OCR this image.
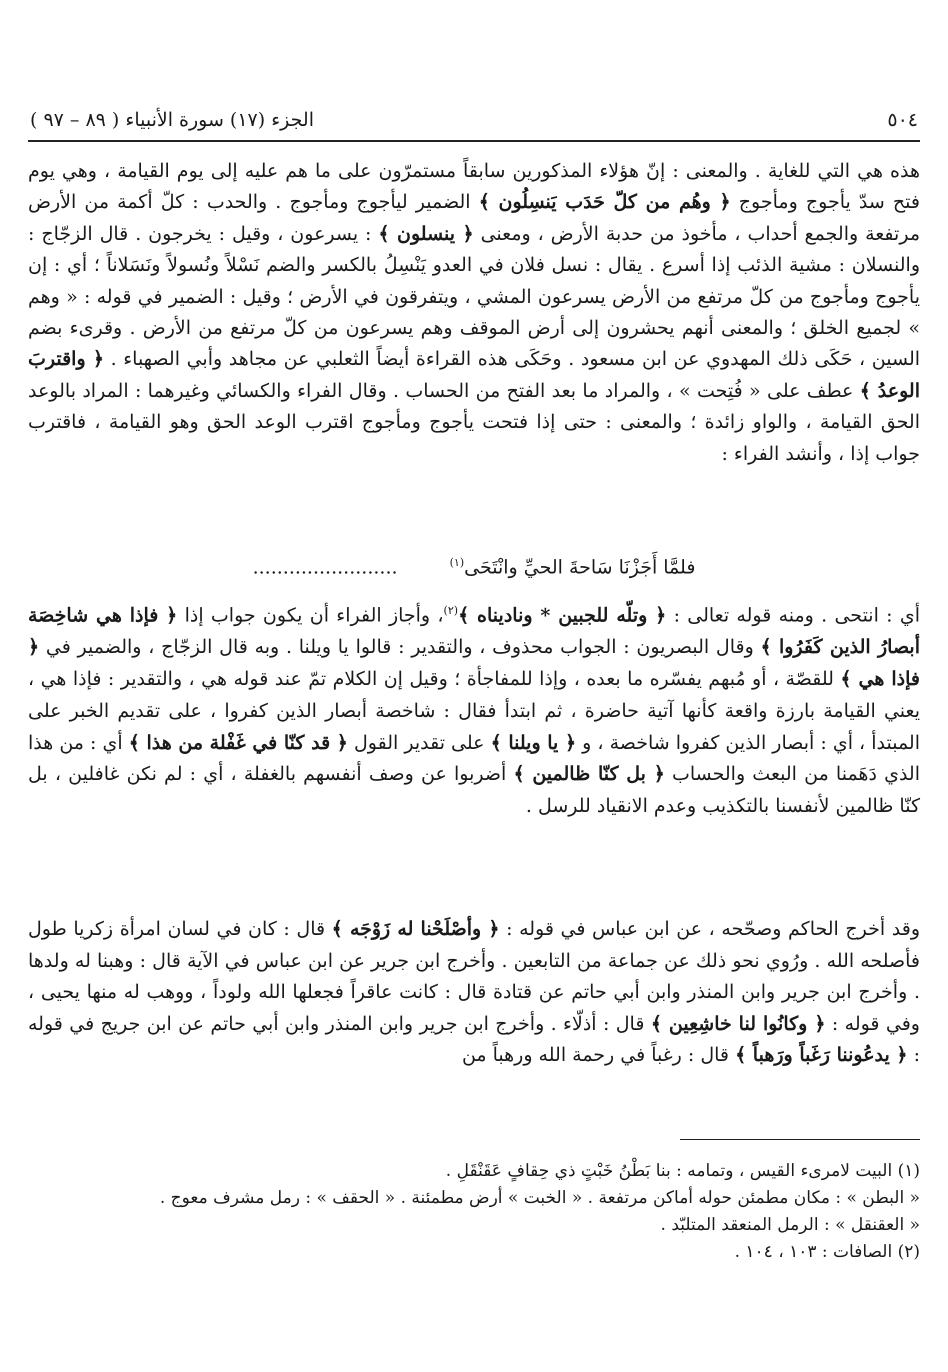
٥٠٤
الجزء (١٧) سورة الأنبياء ( ٨٩ – ٩٧ )

هذه هي التي للغاية . والمعنى : إنّ هؤلاء المذكورين سابقاً مستمرّون على ما هم عليه إلى يوم القيامة ، وهي يوم فتح سدّ يأجوج ومأجوج ﴿ وهُم من كلّ حَدَب يَنسِلُون ﴾ الضمير ليأجوج ومأجوج . والحدب : كلّ أكمة من الأرض مرتفعة والجمع أحداب ، مأخوذ من حدبة الأرض ، ومعنى ﴿ ينسلون ﴾ : يسرعون ، وقيل : يخرجون . قال الزجّاج : والنسلان : مشية الذئب إذا أسرع . يقال : نسل فلان في العدو يَنْسِلُ بالكسر والضم نَسْلاً ونُسولاً ونَسَلاناً ؛ أي : إن يأجوج ومأجوج من كلّ مرتفع من الأرض يسرعون المشي ، ويتفرقون في الأرض ؛ وقيل : الضمير في قوله : « وهم » لجميع الخلق ؛ والمعنى أنهم يحشرون إلى أرض الموقف وهم يسرعون من كلّ مرتفع من الأرض . وقرىء بضم السين ، حَكَى ذلك المهدوي عن ابن مسعود . وحَكَى هذه القراءة أيضاً الثعلبي عن مجاهد وأبي الصهباء . ﴿ واقتربَ الوعدُ ﴾ عطف على « فُتِحت » ، والمراد ما بعد الفتح من الحساب . وقال الفراء والكسائي وغيرهما : المراد بالوعد الحق القيامة ، والواو زائدة ؛ والمعنى : حتى إذا فتحت يأجوج ومأجوج اقترب الوعد الحق وهو القيامة ، فاقترب جواب إذا ، وأنشد الفراء :

فلمَّا أَجَزْنَا سَاحةَ الحيِّ وانْتَحَى$^{(١)}$  ........................

أي : انتحى . ومنه قوله تعالى : ﴿ وتلّه للجبين * وناديناه ﴾$^{(٢)}$، وأجاز الفراء أن يكون جواب إذا ﴿ فإذا هي شاخِصَة أبصارُ الذين كَفَرُوا ﴾ وقال البصريون : الجواب محذوف ، والتقدير : قالوا يا ويلنا . وبه قال الزجّاج ، والضمير في ﴿ فإذا هي ﴾ للقصّة ، أو مُبهم يفسّره ما بعده ، وإذا للمفاجأة ؛ وقيل إن الكلام تمّ عند قوله هي ، والتقدير : فإذا هي ، يعني القيامة بارزة واقعة كأنها آتية حاضرة ، ثم ابتدأ فقال : شاخصة أبصار الذين كفروا ، على تقديم الخبر على المبتدأ ، أي : أبصار الذين كفروا شاخصة ، و ﴿ يا ويلنا ﴾ على تقدير القول ﴿ قد كنّا في غَفْلة من هذا ﴾ أي : من هذا الذي دَهَمنا من البعث والحساب ﴿ بل كنّا ظالمين ﴾ أضربوا عن وصف أنفسهم بالغفلة ، أي : لم نكن غافلين ، بل كنّا ظالمين لأنفسنا بالتكذيب وعدم الانقياد للرسل .

وقد أخرج الحاكم وصحّحه ، عن ابن عباس في قوله : ﴿ وأصْلَحْنا له زَوْجَه ﴾ قال : كان في لسان امرأة زكريا طول فأصلحه الله . ورُوي نحو ذلك عن جماعة من التابعين . وأخرج ابن جرير عن ابن عباس في الآية قال : وهبنا له ولدها . وأخرج ابن جرير وابن المنذر وابن أبي حاتم عن قتادة قال : كانت عاقراً فجعلها الله ولوداً ، ووهب له منها يحيى ، وفي قوله : ﴿ وكانُوا لنا خاشِعِين ﴾ قال : أذلّاء . وأخرج ابن جرير وابن المنذر وابن أبي حاتم عن ابن جريج في قوله : ﴿ يدعُوننا رَغَباً ورَهباً ﴾ قال : رغباً في رحمة الله ورهباً من

(١) البيت لامرىء القيس ، وتمامه : بنا بَطْنُ خَبْتٍ ذي حِقافٍ عَقَنْقَلِ .

« البطن » : مكان مطمئن حوله أماكن مرتفعة . « الخبت » أرض مطمئنة . « الحقف » : رمل مشرف معوج .

« العقنقل » : الرمل المنعقد المتلبّد .

(٢) الصافات : ١٠٣ ، ١٠٤ .
